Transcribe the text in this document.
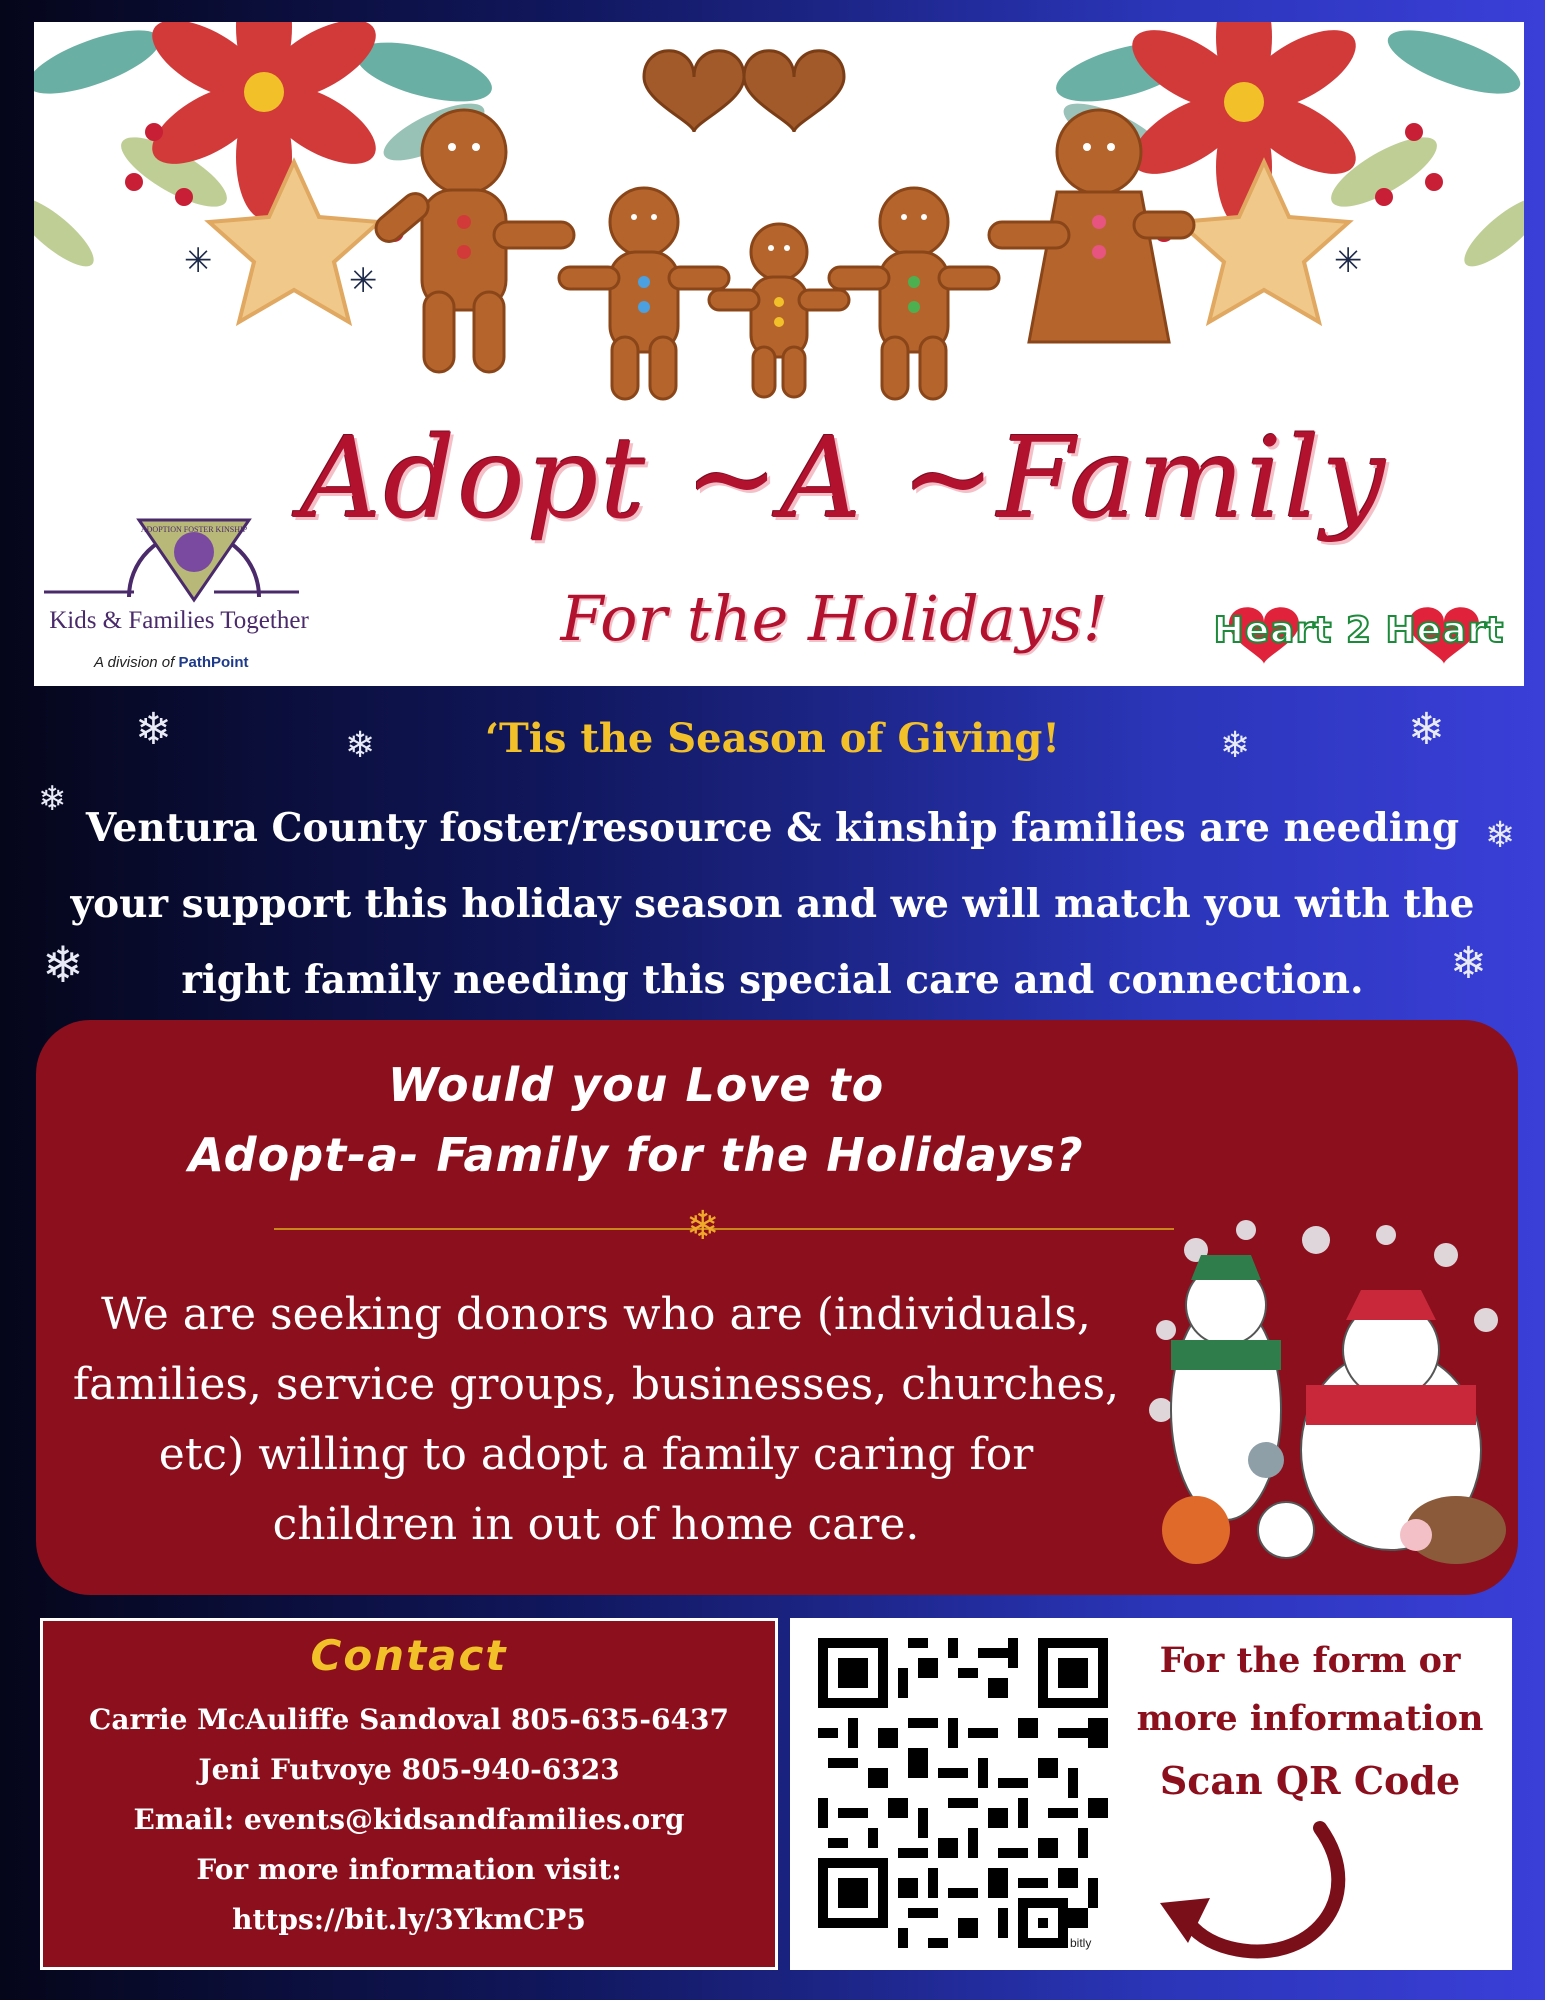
✳	✳	✳
ADOPTION FOSTER KINSHIP
Kids & Families Together
A division of PathPoint
Adopt ~A ~Family
For the Holidays!	Heart 2 Heart
❄	❄	❄	❄
❄
❄
❄	❄
‘Tis the Season of Giving!
Ventura County foster/resource & kinship families are needing
your support this holiday season and we will match you with the
right family needing this special care and connection.
Would you Love to
Adopt-a- Family for the Holidays?
❄
We are seeking donors who are (individuals,
families, service groups, businesses, churches,
etc) willing to adopt a family caring for
children in out of home care.
Contact
Carrie McAuliffe Sandoval 805-635-6437
Jeni Futvoye 805-940-6323
Email: events@kidsandfamilies.org
For more information visit:
https://bit.ly/3YkmCP5
bitly
For the form or
more information
Scan QR Code
